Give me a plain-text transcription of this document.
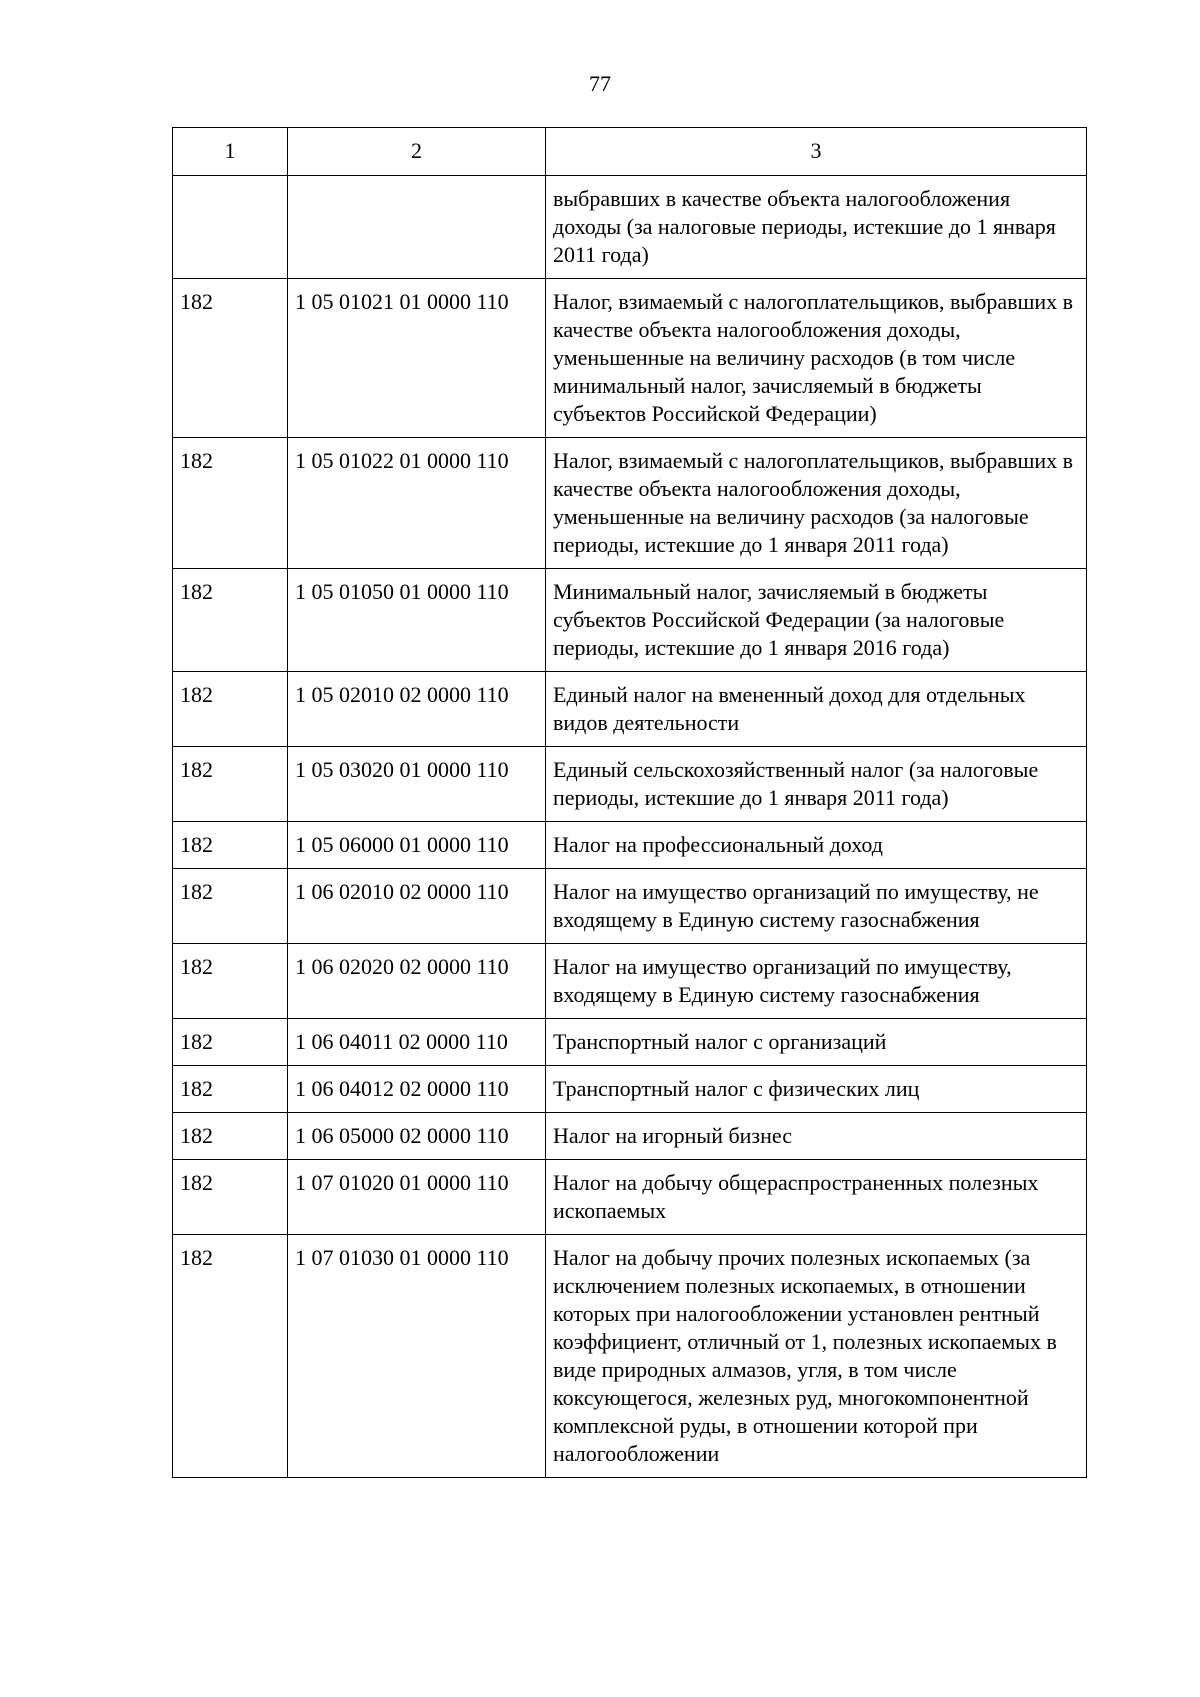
77
1	2	3
		выбравших в качестве объекта налогообложения доходы (за налоговые периоды, истекшие до 1 января 2011 года)
182	1 05 01021 01 0000 110	Налог, взимаемый с налогоплательщиков, выбравших в качестве объекта налогообложения доходы, уменьшенные на величину расходов (в том числе минимальный налог, зачисляемый в бюджеты субъектов Российской Федерации)
182	1 05 01022 01 0000 110	Налог, взимаемый с налогоплательщиков, выбравших в качестве объекта налогообложения доходы, уменьшенные на величину расходов (за налоговые периоды, истекшие до 1 января 2011 года)
182	1 05 01050 01 0000 110	Минимальный налог, зачисляемый в бюджеты субъектов Российской Федерации (за налоговые периоды, истекшие до 1 января 2016 года)
182	1 05 02010 02 0000 110	Единый налог на вмененный доход для отдельных видов деятельности
182	1 05 03020 01 0000 110	Единый сельскохозяйственный налог (за налоговые периоды, истекшие до 1 января 2011 года)
182	1 05 06000 01 0000 110	Налог на профессиональный доход
182	1 06 02010 02 0000 110	Налог на имущество организаций по имуществу, не входящему в Единую систему газоснабжения
182	1 06 02020 02 0000 110	Налог на имущество организаций по имуществу, входящему в Единую систему газоснабжения
182	1 06 04011 02 0000 110	Транспортный налог с организаций
182	1 06 04012 02 0000 110	Транспортный налог с физических лиц
182	1 06 05000 02 0000 110	Налог на игорный бизнес
182	1 07 01020 01 0000 110	Налог на добычу общераспространенных полезных ископаемых
182	1 07 01030 01 0000 110	Налог на добычу прочих полезных ископаемых (за исключением полезных ископаемых, в отношении которых при налогообложении установлен рентный коэффициент, отличный от 1, полезных ископаемых в виде природных алмазов, угля, в том числе коксующегося, железных руд, многокомпонентной комплексной руды, в отношении которой при налогообложении
